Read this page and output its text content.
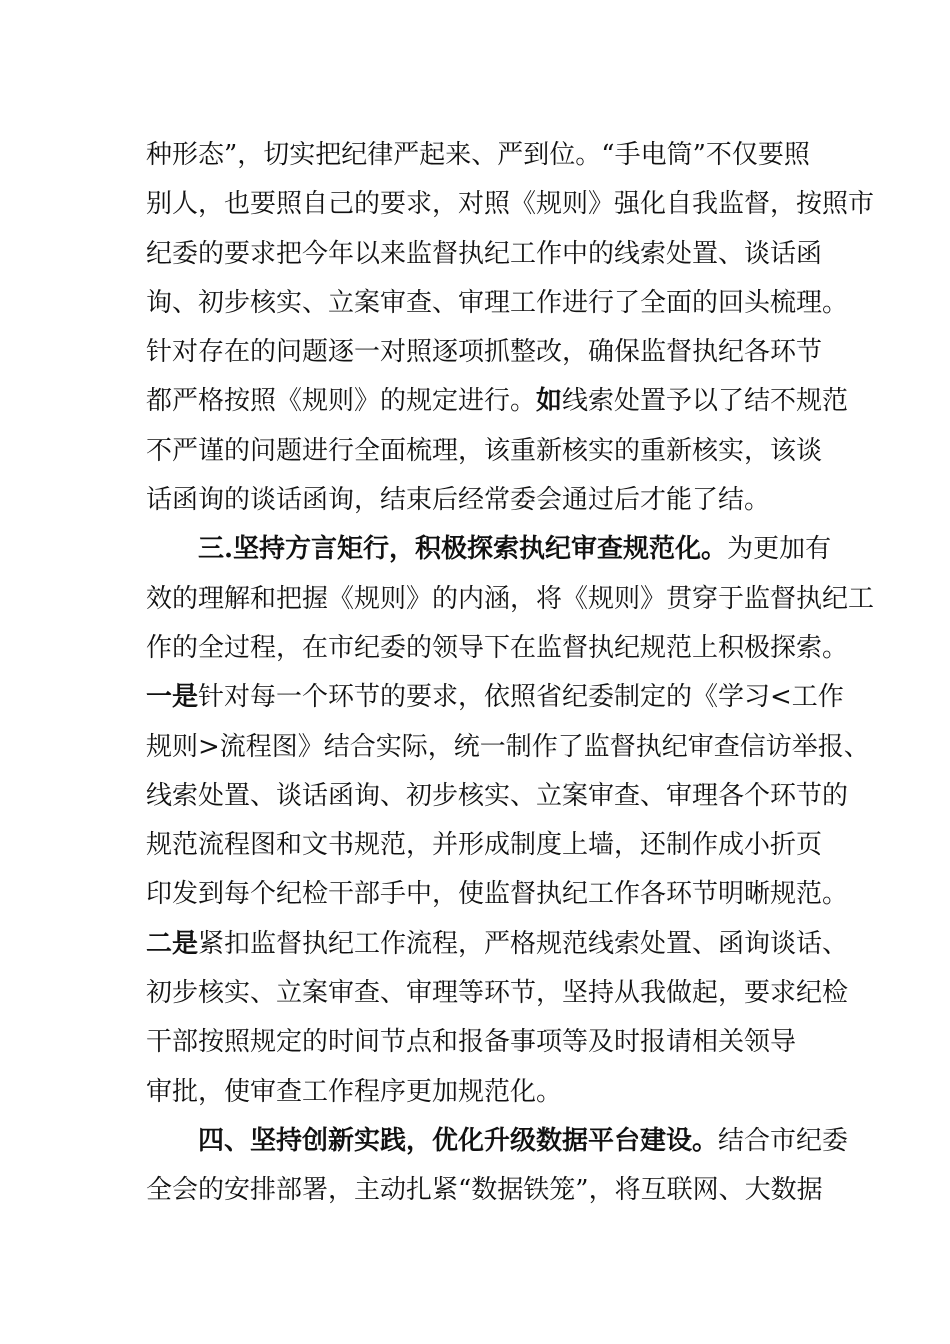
种形态”，切实把纪律严起来、严到位。“手电筒”不仅要照
别人，也要照自己的要求，对照《规则》强化自我监督，按照市
纪委的要求把今年以来监督执纪工作中的线索处置、谈话函
询、初步核实、立案审查、审理工作进行了全面的回头梳理。
针对存在的问题逐一对照逐项抓整改，确保监督执纪各环节
都严格按照《规则》的规定进行。如线索处置予以了结不规范
不严谨的问题进行全面梳理，该重新核实的重新核实，该谈
话函询的谈话函询，结束后经常委会通过后才能了结。
三.坚持方言矩行，积极探索执纪审查规范化。为更加有
效的理解和把握《规则》的内涵，将《规则》贯穿于监督执纪工
作的全过程，在市纪委的领导下在监督执纪规范上积极探索。
一是针对每一个环节的要求，依照省纪委制定的《学习<工作
规则>流程图》结合实际，统一制作了监督执纪审查信访举报、
线索处置、谈话函询、初步核实、立案审查、审理各个环节的
规范流程图和文书规范，并形成制度上墙，还制作成小折页
印发到每个纪检干部手中，使监督执纪工作各环节明晰规范。
二是紧扣监督执纪工作流程，严格规范线索处置、函询谈话、
初步核实、立案审查、审理等环节，坚持从我做起，要求纪检
干部按照规定的时间节点和报备事项等及时报请相关领导
审批，使审查工作程序更加规范化。
四、坚持创新实践，优化升级数据平台建设。结合市纪委
全会的安排部署，主动扎紧“数据铁笼”，将互联网、大数据
